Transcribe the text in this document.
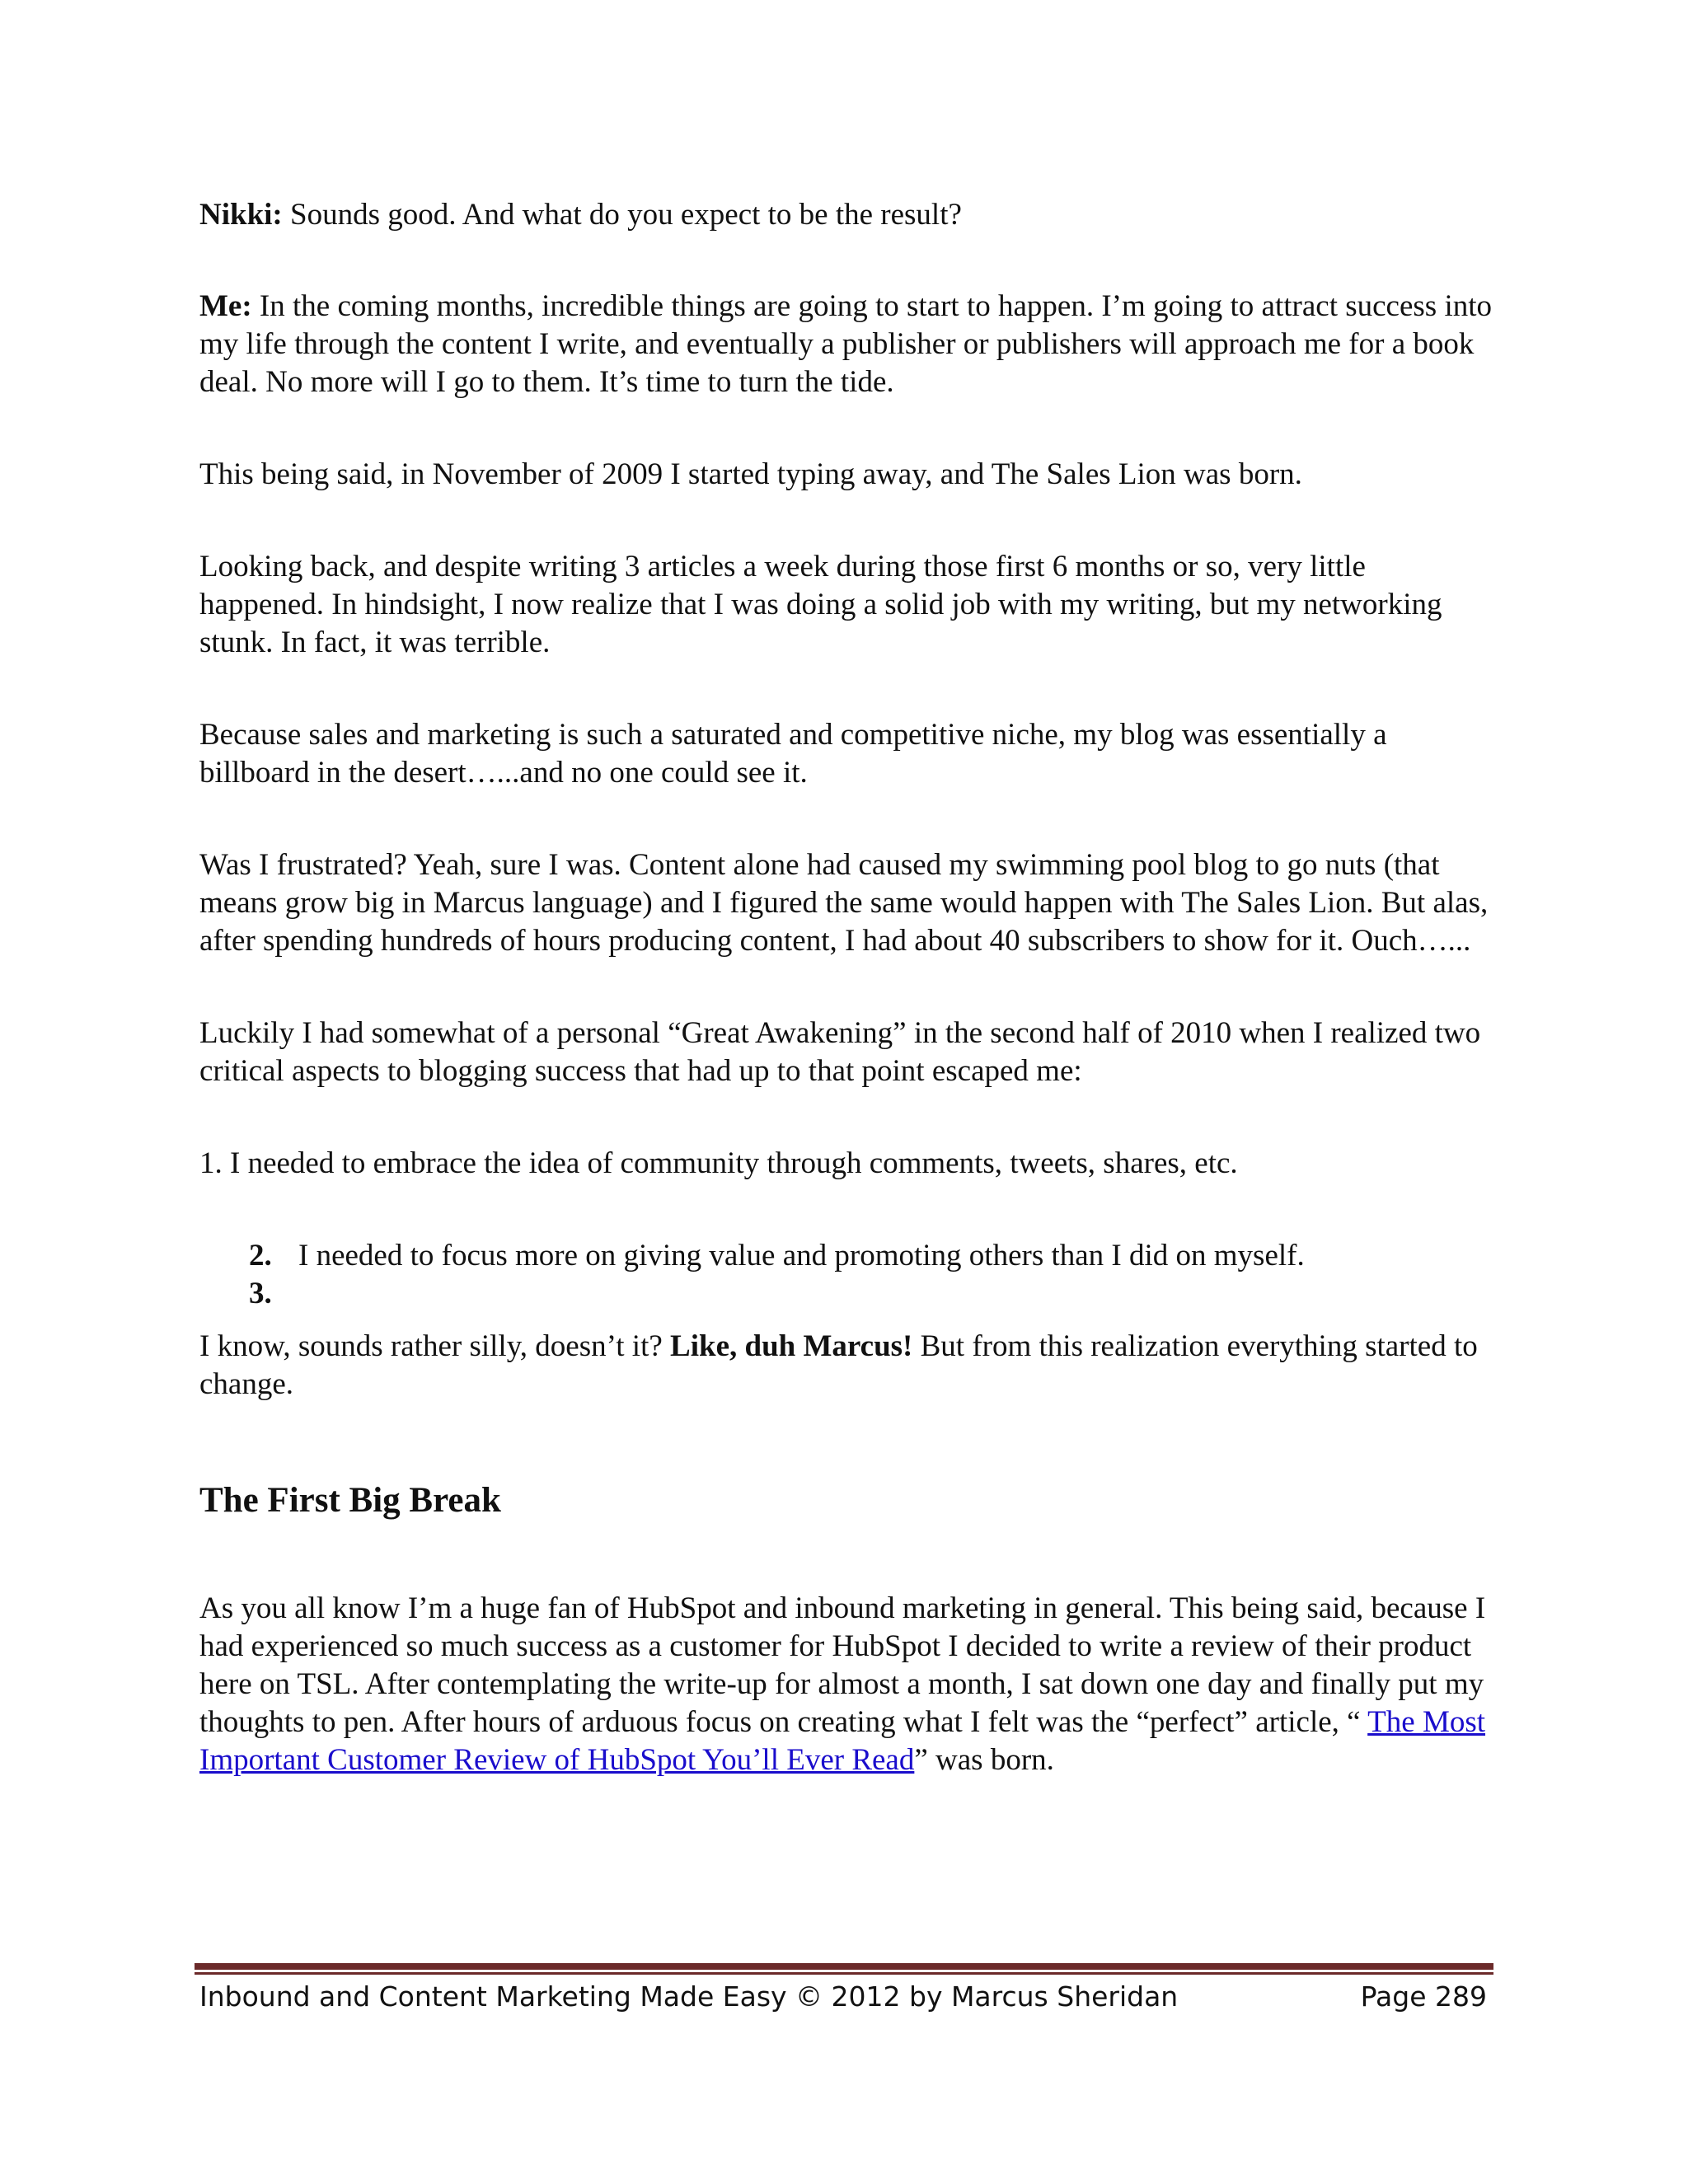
Nikki: Sounds good. And what do you expect to be the result?

Me: In the coming months, incredible things are going to start to happen. I’m going to attract success into my life through the content I write, and eventually a publisher or publishers will approach me for a book deal. No more will I go to them. It’s time to turn the tide.

This being said, in November of 2009 I started typing away, and The Sales Lion was born.

Looking back, and despite writing 3 articles a week during those first 6 months or so, very little happened. In hindsight, I now realize that I was doing a solid job with my writing, but my networking stunk. In fact, it was terrible.

Because sales and marketing is such a saturated and competitive niche, my blog was essentially a billboard in the desert…...and no one could see it.

Was I frustrated? Yeah, sure I was. Content alone had caused my swimming pool blog to go nuts (that means grow big in Marcus language) and I figured the same would happen with The Sales Lion. But alas, after spending hundreds of hours producing content, I had about 40 subscribers to show for it. Ouch…...

Luckily I had somewhat of a personal “Great Awakening” in the second half of 2010 when I realized two critical aspects to blogging success that had up to that point escaped me:

1. I needed to embrace the idea of community through comments, tweets, shares, etc.

2. I needed to focus more on giving value and promoting others than I did on myself.
3.

I know, sounds rather silly, doesn’t it? Like, duh Marcus! But from this realization everything started to change.

The First Big Break

As you all know I’m a huge fan of HubSpot and inbound marketing in general. This being said, because I had experienced so much success as a customer for HubSpot I decided to write a review of their product here on TSL. After contemplating the write-up for almost a month, I sat down one day and finally put my thoughts to pen. After hours of arduous focus on creating what I felt was the “perfect” article, “ The Most Important Customer Review of HubSpot You’ll Ever Read” was born.

Inbound and Content Marketing Made Easy © 2012 by Marcus Sheridan	Page 289
